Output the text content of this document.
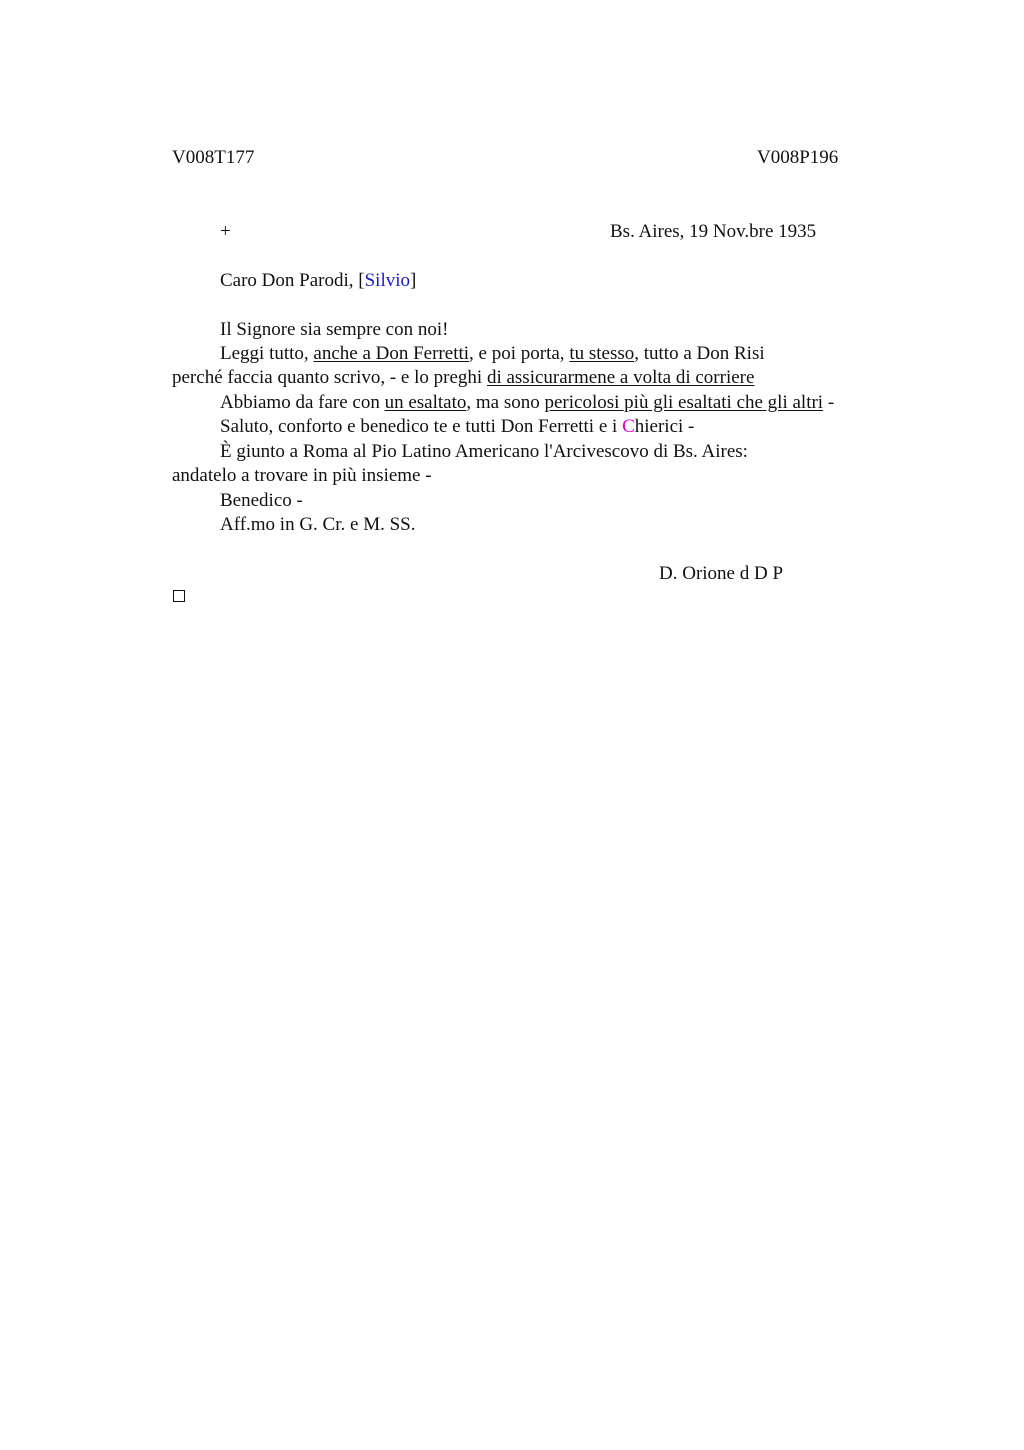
V008T177	V008P196
+	Bs. Aires, 19 Nov.bre 1935
Caro Don Parodi, [Silvio]
Il Signore sia sempre con noi!
Leggi tutto, anche a Don Ferretti, e poi porta, tu stesso, tutto a Don Risi
perché faccia quanto scrivo, - e lo preghi di assicurarmene a volta di corriere
Abbiamo da fare con un esaltato, ma sono pericolosi più gli esaltati che gli altri -
Saluto, conforto e benedico te e tutti Don Ferretti e i Chierici -
È giunto a Roma al Pio Latino Americano l'Arcivescovo di Bs. Aires:
andatelo a trovare in più insieme -
Benedico -
Aff.mo in G. Cr. e M. SS.
D. Orione d D P
